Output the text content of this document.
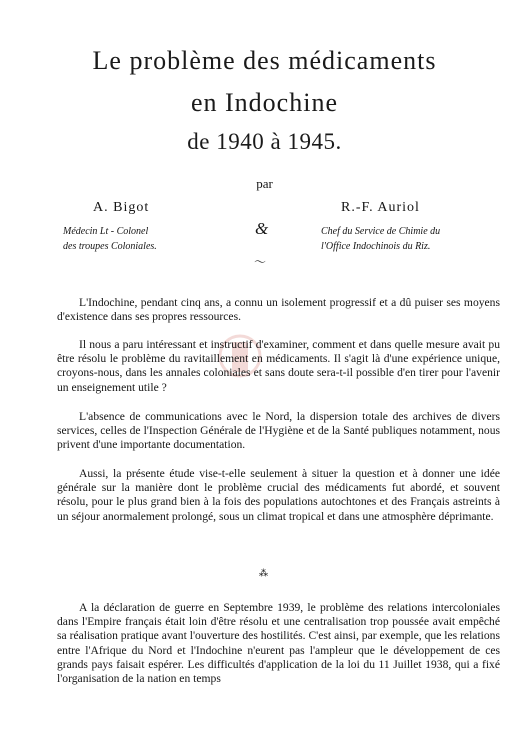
Le problème des médicaments
en Indochine
de 1940 à 1945.
par
A. Bigot
&
R.-F. Auriol
Médecin Lt - Colonel
des troupes Coloniales.
Chef du Service de Chimie du
l'Office Indochinois du Riz.
〜

L'Indochine, pendant cinq ans, a connu un isolement progressif et a dû puiser ses moyens d'existence dans ses propres ressources.

Il nous a paru intéressant et instructif d'examiner, comment et dans quelle mesure avait pu être résolu le problème du ravitaillement en médicaments. Il s'agit là d'une expérience unique, croyons-nous, dans les annales coloniales et sans doute sera-t-il possible d'en tirer pour l'avenir un enseignement utile ?

L'absence de communications avec le Nord, la dispersion totale des archives de divers services, celles de l'Inspection Générale de l'Hygiène et de la Santé publiques notamment, nous privent d'une importante documentation.

Aussi, la présente étude vise-t-elle seulement à situer la question et à donner une idée générale sur la manière dont le problème crucial des médicaments fut abordé, et souvent résolu, pour le plus grand bien à la fois des populations autochtones et des Français astreints à un séjour anormalement prolongé, sous un climat tropical et dans une atmosphère déprimante.

⁂

A la déclaration de guerre en Septembre 1939, le problème des relations intercoloniales dans l'Empire français était loin d'être résolu et une centralisation trop poussée avait empêché sa réalisation pratique avant l'ouverture des hostilités. C'est ainsi, par exemple, que les relations entre l'Afrique du Nord et l'Indochine n'eurent pas l'ampleur que le développement de ces grands pays faisait espérer. Les difficultés d'application de la loi du 11 Juillet 1938, qui a fixé l'organisation de la nation en temps
